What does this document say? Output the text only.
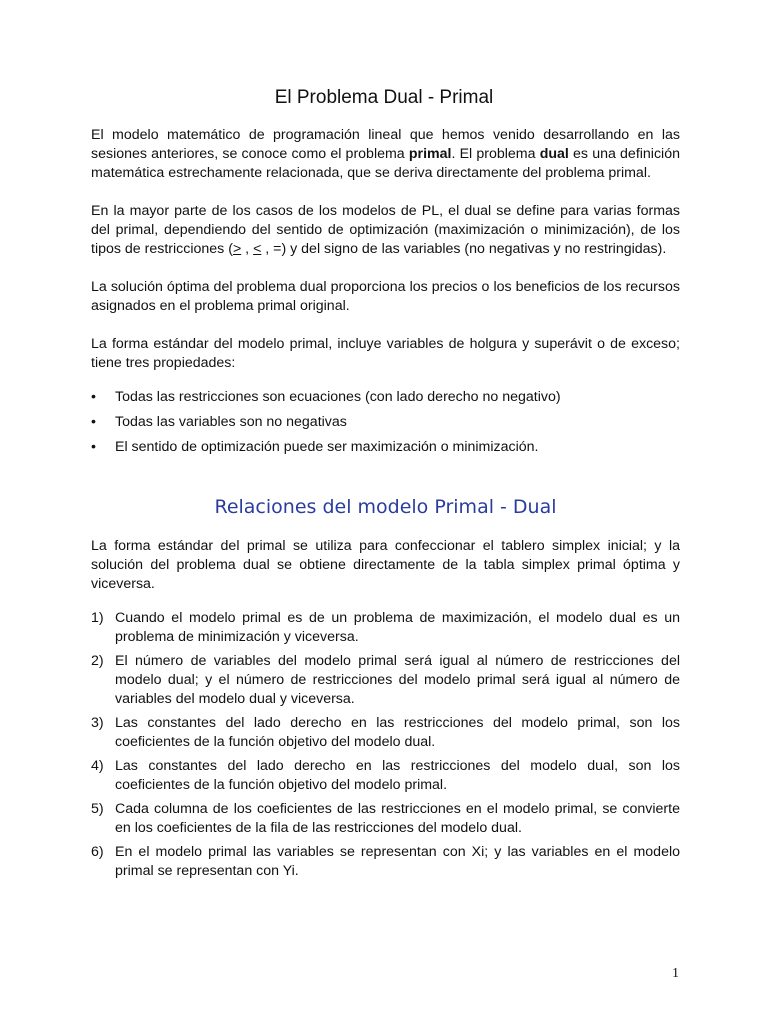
El Problema Dual - Primal

El modelo matemático de programación lineal que hemos venido desarrollando en las sesiones anteriores, se conoce como el problema primal. El problema dual es una definición matemática estrechamente relacionada, que se deriva directamente del problema primal.

En la mayor parte de los casos de los modelos de PL, el dual se define para varias formas del primal, dependiendo del sentido de optimización (maximización o minimización), de los tipos de restricciones (> , < , =) y del signo de las variables (no negativas y no restringidas).

La solución óptima del problema dual proporciona los precios o los beneficios de los recursos asignados en el problema primal original.

La forma estándar del modelo primal, incluye variables de holgura y superávit o de exceso; tiene tres propiedades:

• Todas las restricciones son ecuaciones (con lado derecho no negativo)
• Todas las variables son no negativas
• El sentido de optimización puede ser maximización o minimización.
Relaciones del modelo Primal - Dual

La forma estándar del primal se utiliza para confeccionar el tablero simplex inicial; y la solución del problema dual se obtiene directamente de la tabla simplex primal óptima y viceversa.

1) Cuando el modelo primal es de un problema de maximización, el modelo dual es un problema de minimización y viceversa.
2) El número de variables del modelo primal será igual al número de restricciones del modelo dual; y el número de restricciones del modelo primal será igual al número de variables del modelo dual y viceversa.
3) Las constantes del lado derecho en las restricciones del modelo primal, son los coeficientes de la función objetivo del modelo dual.
4) Las constantes del lado derecho en las restricciones del modelo dual, son los coeficientes de la función objetivo del modelo primal.
5) Cada columna de los coeficientes de las restricciones en el modelo primal, se convierte en los coeficientes de la fila de las restricciones del modelo dual.
6) En el modelo primal las variables se representan con Xi; y las variables en el modelo primal se representan con Yi.
1
